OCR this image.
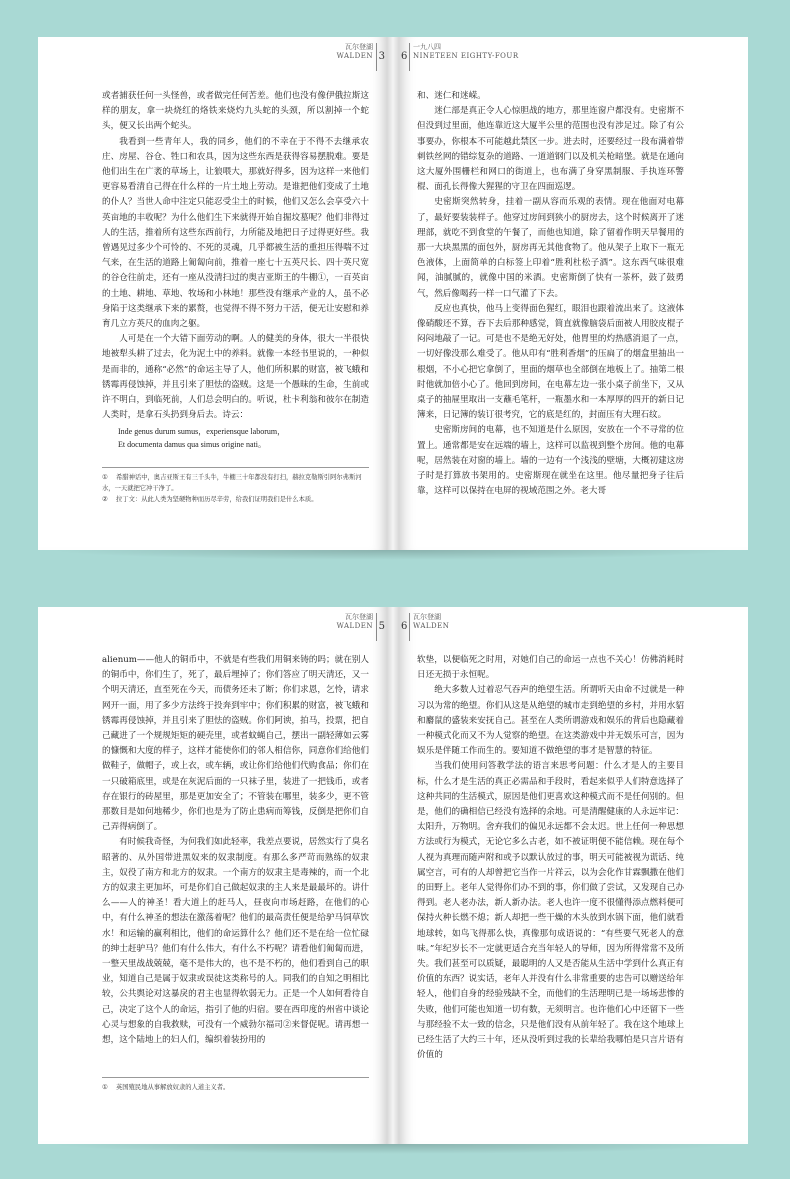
瓦尔登湖
WALDEN 3

或者捕获任何一头怪兽，或者做完任何苦差。他们也没有像伊俄拉斯这样的朋友，拿一块烧红的烙铁来烧灼九头蛇的头颈，所以割掉一个蛇头，便又长出两个蛇头。

我看到一些青年人，我的同乡，他们的不幸在于不得不去继承农庄、房屋、谷仓、牲口和农具，因为这些东西是获得容易摆脱难。要是他们出生在广袤的草场上，让狼喂大，那就好得多，因为这样一来他们更容易看清自己得在什么样的一片土地上劳动。是谁把他们变成了土地的仆人？当世人命中注定只能忍受尘土的时候，他们又怎么会享受六十英亩地的丰收呢？为什么他们生下来就得开始自掘坟墓呢？他们非得过人的生活，推着所有这些东西前行，力所能及地把日子过得更好些。我曾遇见过多少个可怜的、不死的灵魂，几乎都被生活的重担压得喘不过气来，在生活的道路上匍匐向前，推着一座七十五英尺长、四十英尺宽的谷仓往前走，还有一座从没清扫过的奥吉亚斯王的牛棚①，一百英亩的土地、耕地、草地、牧场和小林地！那些没有继承产业的人，虽不必身陷于这类继承下来的累赘，也觉得不得不努力干活，便无让安慰和养育几立方英尺的血肉之躯。

人可是在一个大错下面劳动的啊。人的健美的身体，很大一半很快地被犁头耕了过去，化为泥土中的养料。就像一本经书里说的，一种似是而非的，通称“必然”的命运主导了人，他们所积累的财富，被飞蛾和锈霉再侵蚀掉，并且引来了胆怯的盗贼。这是一个愚昧的生命，生前或许不明白，到临死前，人们总会明白的。听说，杜卡利翁和彼尔在制造人类时，是拿石头扔到身后去。诗云：

Inde genus durum sumus，experiensque laborum，
Et documenta damus qua simus origine nati。
① 希腊神话中，奥吉亚斯王有三千头牛，牛棚三十年都没有打扫，赫拉克勒斯引阿尔弗斯河水，一天就把它冲干净了。
② 拉丁文：从此人类为坚硬物种而历尽辛劳，给我们证明我们是什么本质。
一九八四
NINETEEN EIGHTY-FOUR
6

和、迷仁和迷嵘。

迷仁部是真正令人心惊胆战的地方，那里连窗户都没有。史密斯不但没到过里面，他连靠近这大厦半公里的范围也没有涉足过。除了有公事要办，你根本不可能越此禁区一步。进去时，还要经过一段布满着带刺铁丝网的错综复杂的道路、一道道钢门以及机关枪暗堡。就是在通向这大厦外围栅栏和网口的街道上，也布满了身穿黑制服、手执连环警棍、面孔长得像大猩猩的守卫在四面巡逻。

史密斯突然转身，挂着一副从容而乐观的表情。现在他面对电幕了，最好要装装样子。他穿过房间到狭小的厨房去，这个时候离开了迷理部，就吃不到食堂的午餐了，而他也知道，除了留着作明天早餐用的那一大块黑黑的面包外，厨房再无其他食物了。他从架子上取下一瓶无色液体，上面简单的白标签上印着“胜利杜松子酒”。这东西气味很难闻，油腻腻的，就像中国的米酒。史密斯倒了快有一茶杯，鼓了鼓勇气，然后像喝药一样一口气灌了下去。

反应也真快，他马上变得面色猩红，眼泪也跟着流出来了。这液体像硝酸还不算，吞下去后那种感觉，简直就像脑袋后面被人用胶皮棍子闷闷地敲了一记。可是也不是绝无好处，他胃里的灼热感消退了一点，一切好像没那么难受了。他从印有“胜利香烟”的压扁了的烟盒里抽出一根烟，不小心把它拿倒了，里面的烟草也全部倒在地板上了。抽第二根时他就加倍小心了。他回到房间，在电幕左边一张小桌子前坐下，又从桌子的抽屉里取出一支蘸毛笔杆，一瓶墨水和一本厚厚的四开的新日记簿来，日记簿的装订很考究，它的底是红的，封面压有大理石纹。

史密斯房间的电幕，也不知道是什么原因，安放在一个不寻常的位置上。通常都是安在远端的墙上，这样可以监视到整个房间。他的电幕呢，居然装在对窗的墙上。墙的一边有一个浅浅的壁塘，大概初建这房子时是打算放书架用的。史密斯现在就坐在这里。他尽量把身子往后靠，这样可以保持在电屏的视域范围之外。老大哥

瓦尔登湖
WALDEN 5

alienum——他人的铜币中，不就是有些我们用铜来铸的吗；就在别人的铜币中，你们生了，死了，最后埋掉了；你们答应了明天清还，又一个明天清还，直至死在今天，而债务还未了断；你们求恩，乞怜，请求网开一面，用了多少方法终于投奔到牢中；你们积累的财富，被飞蛾和锈霉再侵蚀掉，并且引来了胆怯的盗贼。你们阿谀，拍马，投票，把自己藏进了一个规规矩矩的硬壳里，或者蚊蝇自己，摆出一副轻薄如云雾的慷慨和大度的样子，这样才能使你们的邻人相信你，同意你们给他们做鞋子，做帽子，或上衣，或车辆，或让你们给他们代购食品；你们在一只破箱底里，或是在灰泥后面的一只袜子里，装进了一把钱币，或者存在银行的砖屋里，那是更加安全了；不管装在哪里，装多少，更不管那数目是如何地稀少，你们也是为了防止患病而筹钱，反倒是把你们自己弄得病倒了。

有时候我奇怪，为何我们如此轻率，我差点要说，居然实行了臭名昭著的、从外国带进黑奴来的奴隶制度。有那么多严苛而熟练的奴隶主，奴役了南方和北方的奴隶。一个南方的奴隶主是毒辣的，而一个北方的奴隶主更加坏，可是你们自己做起奴隶的主人来是最最坏的。讲什么——人的神圣！看大道上的赶马人，昼夜向市场赶路，在他们的心中，有什么神圣的想法在激荡着呢？他们的最高责任便是给驴马饲草饮水！和运输的赢利相比，他们的命运算什么？他们还不是在给一位忙碌的绅士赶驴马？他们有什么伟大，有什么不朽呢？请看他们匍匐而进，一整天里战战兢兢，毫不是伟大的，也不是不朽的，他们看到自己的职业，知道自己是属于奴隶或误徒这类称号的人。同我们的自知之明相比较，公共舆论对这暴戾的君主也显得软弱无力。正是一个人如何看待自己，决定了这个人的命运，指引了他的归宿。要在西印度的州省中谈论心灵与想象的自我救赎，可没有一个威勃尔福司②来督促呢。请再想一想，这个陆地上的妇人们，编织着装扮用的

① 英国殖民地从事解放奴隶的人道主义者。
瓦尔登湖
WALDEN
6

软垫，以便临死之时用，对她们自己的命运一点也不关心！仿佛消耗时日还无损于永恒呢。

绝大多数人过着忍气吞声的绝望生活。所谓听天由命不过就是一种习以为常的绝望。你们从这是从绝望的城市走到绝望的乡村，并用水貂和麝鼠的盛装来安抚自己。甚至在人类所谓游戏和娱乐的背后也隐藏着一种模式化而又不为人觉察的绝望。在这类游戏中并无娱乐可言，因为娱乐是伴随工作而生的。要知道不做绝望的事才是智慧的特征。

当我们使用问答教学法的语言来思考问题：什么才是人的主要目标，什么才是生活的真正必需品和手段时，看起来似乎人们特意选择了这种共同的生活模式，原因是他们更喜欢这种模式而不是任何别的。但是，他们的确相信已经没有选择的余地。可是清醒健康的人永远牢记：太阳升，万物明。舍弃我们的偏见永远都不会太迟。世上任何一种思想方法或行为模式，无论它多么古老，如不被证明便不能信赖。现在每个人视为真理而随声附和或予以默认放过的事，明天可能被视为谎话、纯属空言，可有的人却曾把它当作一片祥云，以为会化作甘霖飘撒在他们的田野上。老年人觉得你们办不到的事，你们做了尝试，又发现自己办得到。老人老办法，新人新办法。老人也许一度不很懂得添点燃料便可保持火种长燃不熄；新人却把一些干燥的木头放到水锅下面，他们就看地球转，如鸟飞得那么快，真像那句成语说的：“有些要气死老人的意味。”年纪岁长不一定就更适合充当年轻人的导师，因为所得常常不及所失。我们甚至可以质疑，最聪明的人又是否能从生活中学到什么真正有价值的东西？说实话，老年人并没有什么非常重要的忠告可以赠送给年轻人，他们自身的经验残缺不全，而他们的生活理明已是一场场悲惨的失败，他们可能也知道一切有数，无须明言。也许他们心中还留下一些与那经验不太一致的信念，只是他们没有从前年轻了。我在这个地球上已经生活了大约三十年，还从没听到过我的长辈给我哪怕是只言片语有价值的
